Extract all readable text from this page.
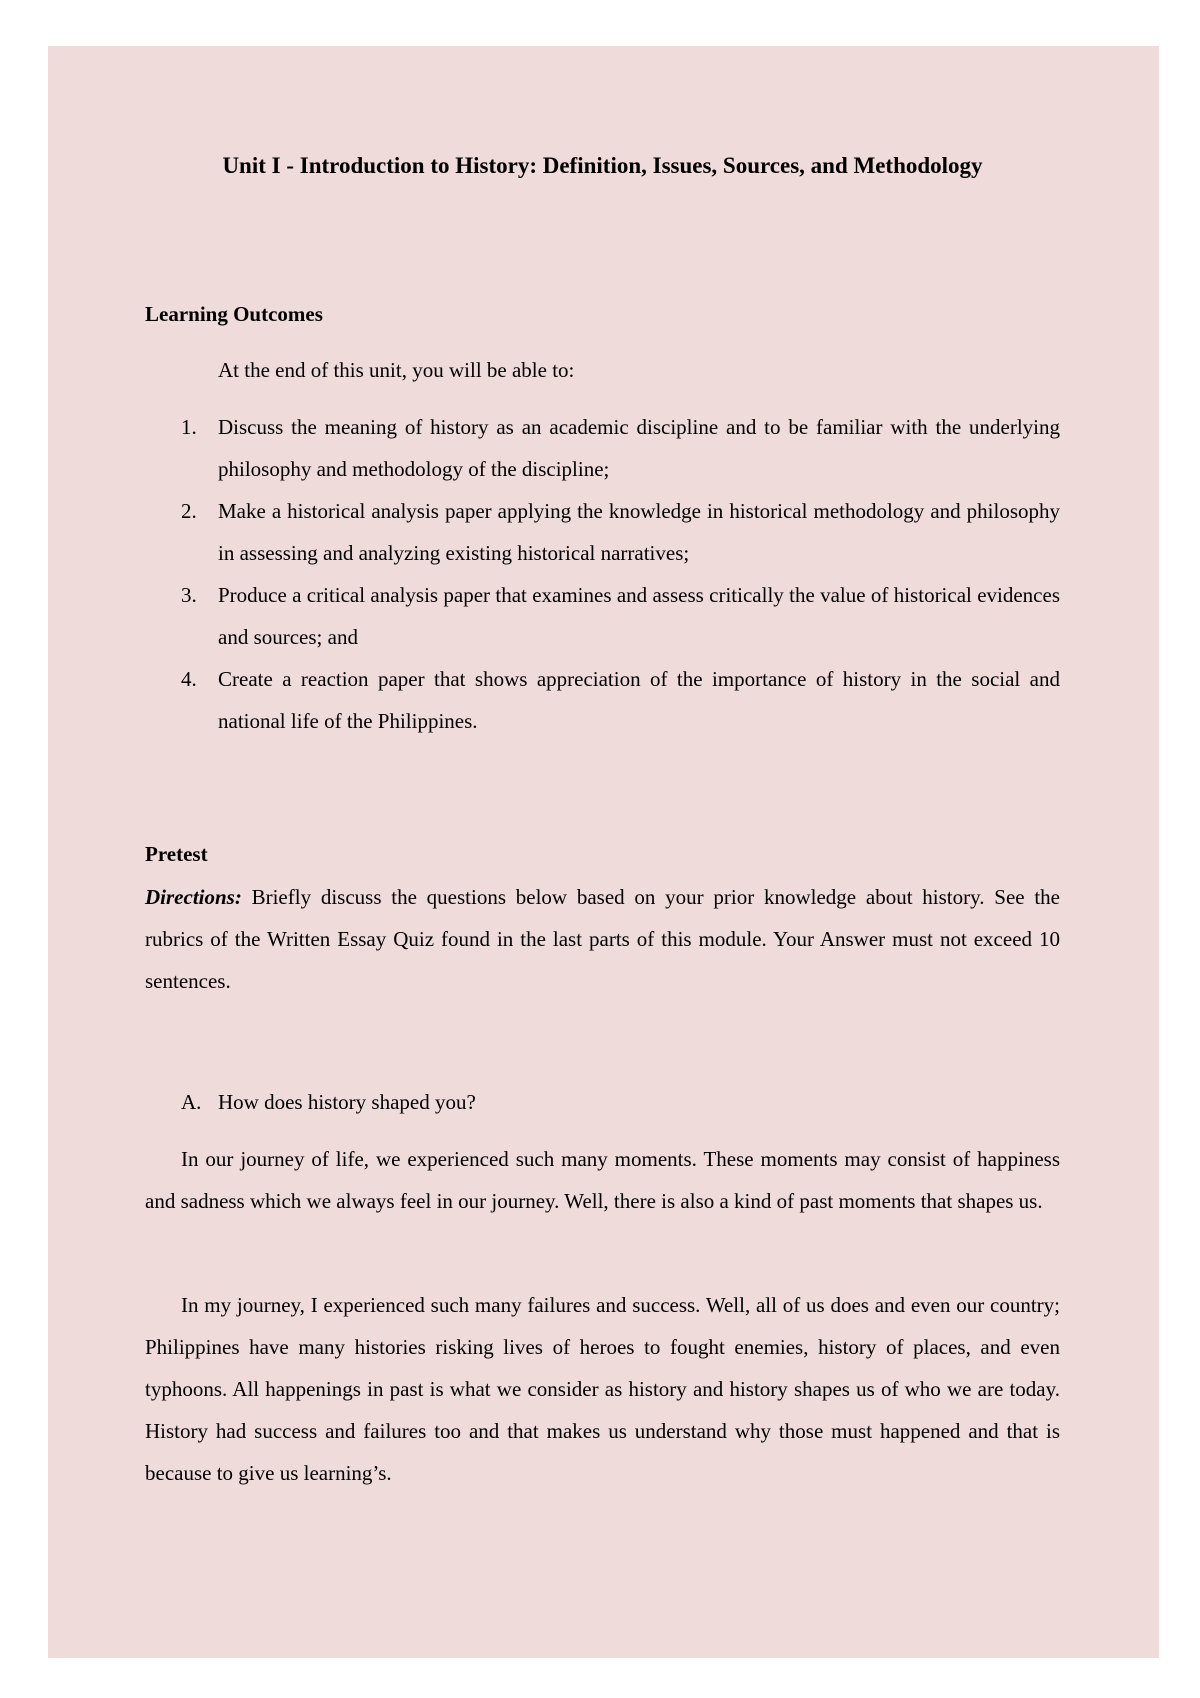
Unit I - Introduction to History: Definition, Issues, Sources, and Methodology
Learning Outcomes
At the end of this unit, you will be able to:
1. Discuss the meaning of history as an academic discipline and to be familiar with the underlying philosophy and methodology of the discipline;
2. Make a historical analysis paper applying the knowledge in historical methodology and philosophy in assessing and analyzing existing historical narratives;
3. Produce a critical analysis paper that examines and assess critically the value of historical evidences and sources; and
4. Create a reaction paper that shows appreciation of the importance of history in the social and national life of the Philippines.
Pretest

Directions: Briefly discuss the questions below based on your prior knowledge about history. See the rubrics of the Written Essay Quiz found in the last parts of this module. Your Answer must not exceed 10 sentences.

A. How does history shaped you?

In our journey of life, we experienced such many moments. These moments may consist of happiness and sadness which we always feel in our journey. Well, there is also a kind of past moments that shapes us.

In my journey, I experienced such many failures and success. Well, all of us does and even our country; Philippines have many histories risking lives of heroes to fought enemies, history of places, and even typhoons. All happenings in past is what we consider as history and history shapes us of who we are today. History had success and failures too and that makes us understand why those must happened and that is because to give us learning’s.
